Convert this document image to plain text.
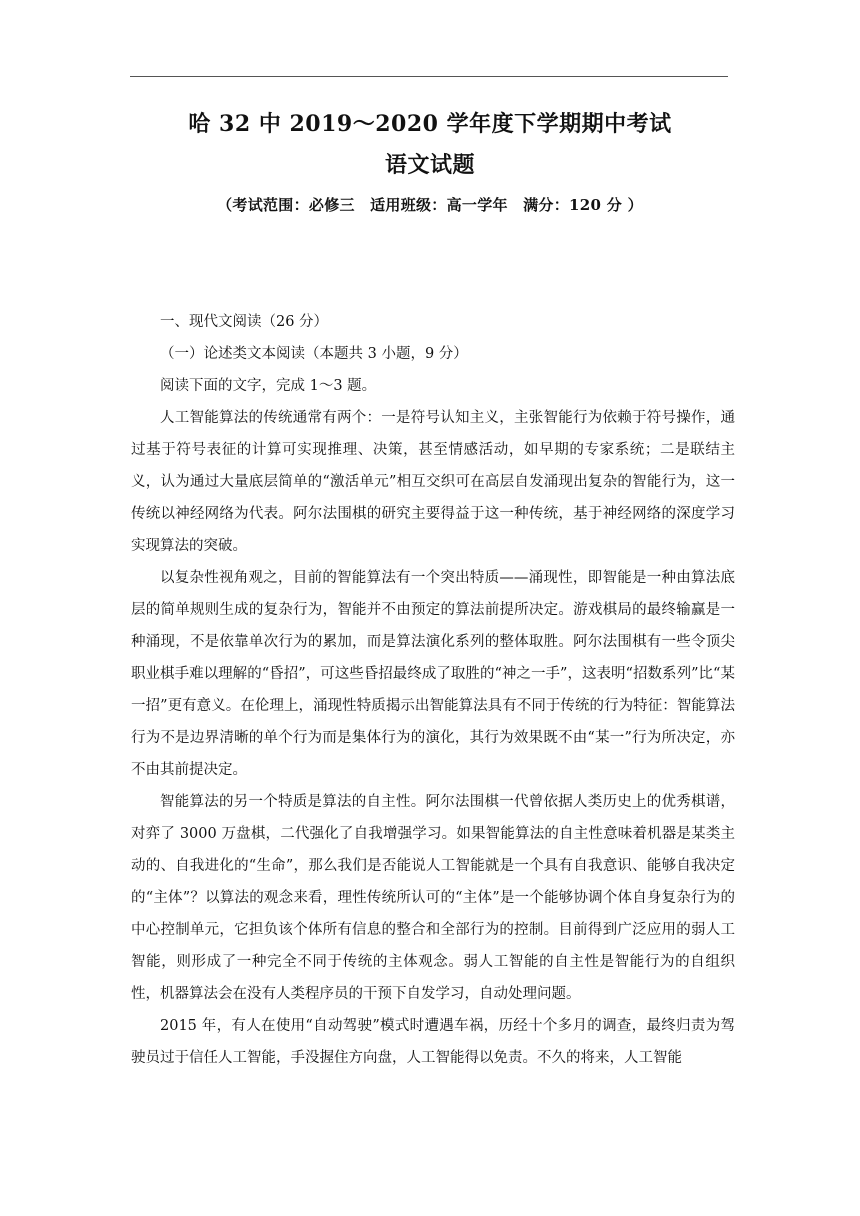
哈 32 中 2019～2020 学年度下学期期中考试
语文试题
（考试范围：必修三　适用班级：高一学年　满分：120 分 ）
一、现代文阅读（26 分）
（一）论述类文本阅读（本题共 3 小题，9 分）
阅读下面的文字，完成 1～3 题。

人工智能算法的传统通常有两个：一是符号认知主义，主张智能行为依赖于符号操作，通过基于符号表征的计算可实现推理、决策，甚至情感活动，如早期的专家系统；二是联结主义，认为通过大量底层简单的“激活单元”相互交织可在高层自发涌现出复杂的智能行为，这一传统以神经网络为代表。阿尔法围棋的研究主要得益于这一种传统，基于神经网络的深度学习实现算法的突破。

以复杂性视角观之，目前的智能算法有一个突出特质——涌现性，即智能是一种由算法底层的简单规则生成的复杂行为，智能并不由预定的算法前提所决定。游戏棋局的最终输赢是一种涌现，不是依靠单次行为的累加，而是算法演化系列的整体取胜。阿尔法围棋有一些令顶尖职业棋手难以理解的“昏招”，可这些昏招最终成了取胜的“神之一手”，这表明“招数系列”比“某一招”更有意义。在伦理上，涌现性特质揭示出智能算法具有不同于传统的行为特征：智能算法行为不是边界清晰的单个行为而是集体行为的演化，其行为效果既不由“某一”行为所决定，亦不由其前提决定。

智能算法的另一个特质是算法的自主性。阿尔法围棋一代曾依据人类历史上的优秀棋谱，对弈了 3000 万盘棋，二代强化了自我增强学习。如果智能算法的自主性意味着机器是某类主动的、自我进化的“生命”，那么我们是否能说人工智能就是一个具有自我意识、能够自我决定的“主体”？以算法的观念来看，理性传统所认可的“主体”是一个能够协调个体自身复杂行为的中心控制单元，它担负该个体所有信息的整合和全部行为的控制。目前得到广泛应用的弱人工智能，则形成了一种完全不同于传统的主体观念。弱人工智能的自主性是智能行为的自组织性，机器算法会在没有人类程序员的干预下自发学习，自动处理问题。

2015 年，有人在使用“自动驾驶”模式时遭遇车祸，历经十个多月的调查，最终归责为驾驶员过于信任人工智能，手没握住方向盘，人工智能得以免责。不久的将来，人工智能
